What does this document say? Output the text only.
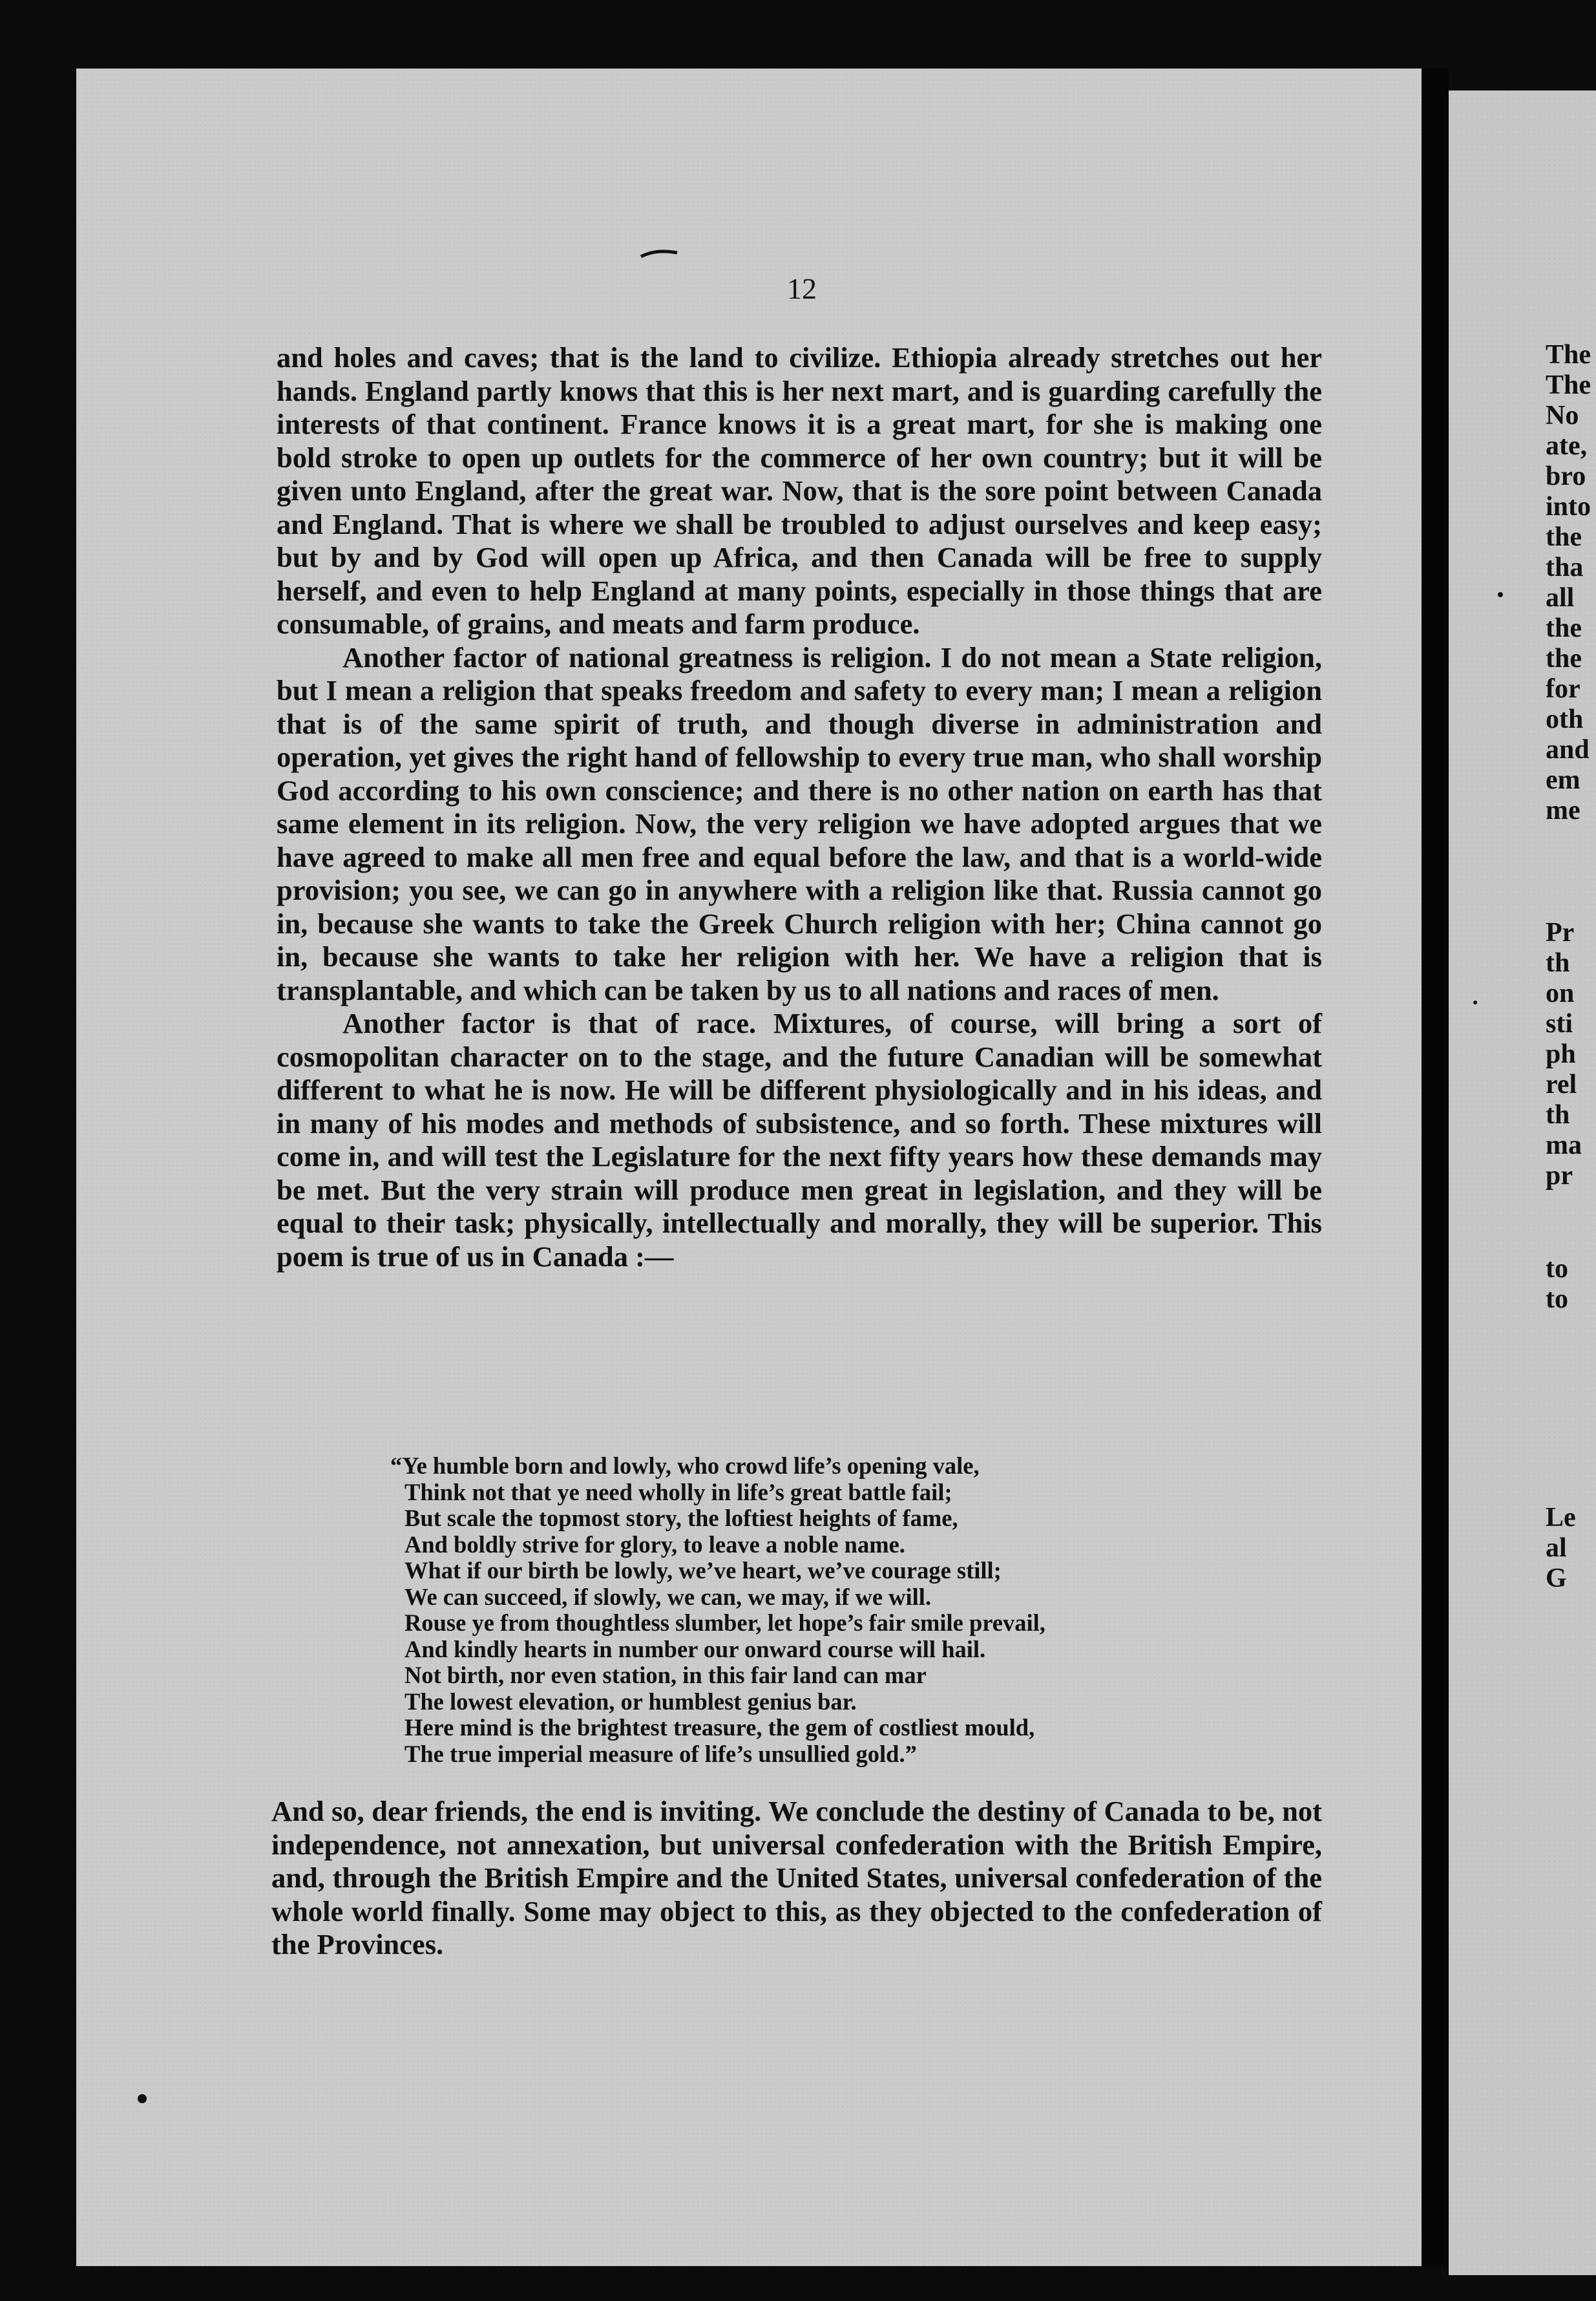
12

and holes and caves; that is the land to civilize. Ethiopia already stretches out her hands. England partly knows that this is her next mart, and is guarding carefully the interests of that continent. France knows it is a great mart, for she is making one bold stroke to open up outlets for the commerce of her own country; but it will be given unto England, after the great war. Now, that is the sore point between Canada and England. That is where we shall be troubled to adjust ourselves and keep easy; but by and by God will open up Africa, and then Canada will be free to supply herself, and even to help England at many points, especially in those things that are consumable, of grains, and meats and farm produce.

Another factor of national greatness is religion. I do not mean a State religion, but I mean a religion that speaks freedom and safety to every man; I mean a religion that is of the same spirit of truth, and though diverse in administration and operation, yet gives the right hand of fellowship to every true man, who shall worship God according to his own conscience; and there is no other nation on earth has that same element in its religion. Now, the very religion we have adopted argues that we have agreed to make all men free and equal before the law, and that is a world-wide provision; you see, we can go in anywhere with a religion like that. Russia cannot go in, because she wants to take the Greek Church religion with her; China cannot go in, because she wants to take her religion with her. We have a religion that is transplantable, and which can be taken by us to all nations and races of men.

Another factor is that of race. Mixtures, of course, will bring a sort of cosmopolitan character on to the stage, and the future Canadian will be somewhat different to what he is now. He will be different physiologically and in his ideas, and in many of his modes and methods of subsistence, and so forth. These mixtures will come in, and will test the Legislature for the next fifty years how these demands may be met. But the very strain will produce men great in legislation, and they will be equal to their task; physically, intellectually and morally, they will be superior. This poem is true of us in Canada :—

“Ye humble born and lowly, who crowd life’s opening vale,
Think not that ye need wholly in life’s great battle fail;
But scale the topmost story, the loftiest heights of fame,
And boldly strive for glory, to leave a noble name.
What if our birth be lowly, we’ve heart, we’ve courage still;
We can succeed, if slowly, we can, we may, if we will.
Rouse ye from thoughtless slumber, let hope’s fair smile prevail,
And kindly hearts in number our onward course will hail.
Not birth, nor even station, in this fair land can mar
The lowest elevation, or humblest genius bar.
Here mind is the brightest treasure, the gem of costliest mould,
The true imperial measure of life’s unsullied gold.”
And so, dear friends, the end is inviting. We conclude the destiny of Canada to be, not independence, not annexation, but universal confederation with the British Empire, and, through the British Empire and the United States, universal confederation of the whole world finally. Some may object to this, as they objected to the confederation of the Provinces.
The
The
No
ate,
bro
into
the
tha
all
the
the
for
oth
and
em
me
Pr
th
on
sti
ph
rel
th
ma
pr
to
to
Le
al
G
